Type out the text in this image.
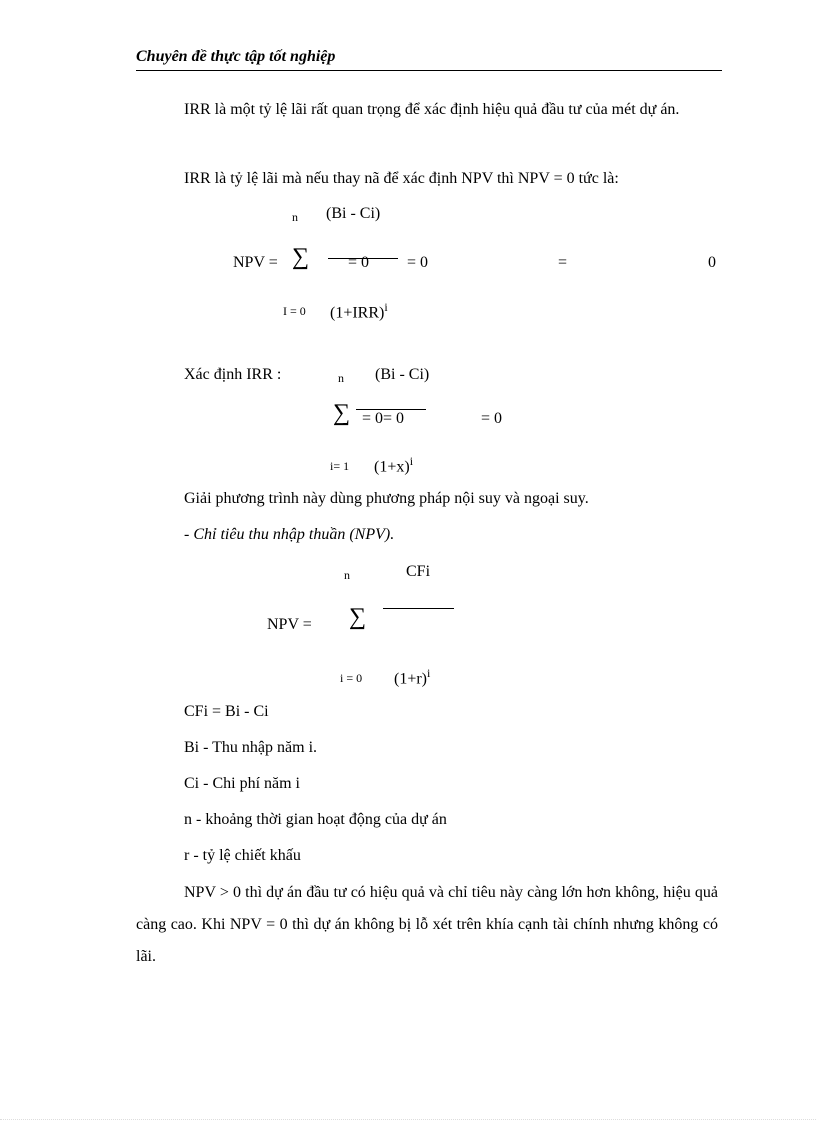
Chuyên đề thực tập tốt nghiệp
IRR là một tỷ lệ lãi rất quan trọng để xác định hiệu quả đầu tư của mét dự án.
IRR là tỷ lệ lãi mà nếu thay nã để xác định NPV thì NPV = 0 tức là:
n (Bi - Ci)
NPV = ∑ = 0 = 0	=	0
I = 0 $(1+IRR)^i$
Xác định IRR :	n (Bi - Ci)
∑ = 0= 0	= 0
i= 1 $(1+x)^i$
Giải phương trình này dùng phương pháp nội suy và ngoại suy.
- Chỉ tiêu thu nhập thuần (NPV).
n	CFi
NPV = ∑
i = 0 $(1+r)^i$
CFi = Bi - Ci
Bi - Thu nhập năm i.
Ci - Chi phí năm i
n - khoảng thời gian hoạt động của dự án
r - tỷ lệ chiết khấu
NPV > 0 thì dự án đầu tư có hiệu quả và chỉ tiêu này càng lớn hơn không, hiệu quả càng cao. Khi NPV = 0 thì dự án không bị lỗ xét trên khía cạnh tài chính nhưng không có lãi.
